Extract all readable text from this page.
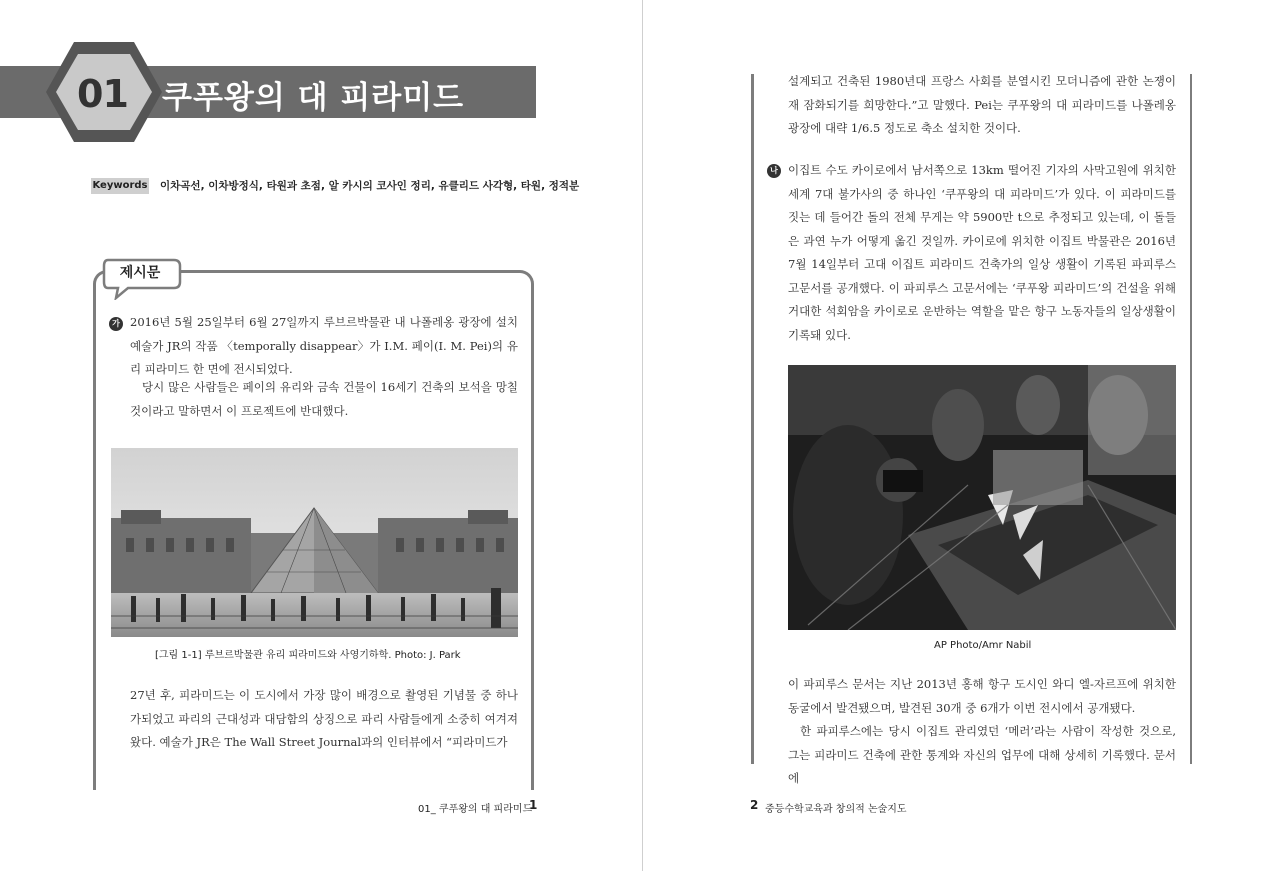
01 쿠푸왕의 대 피라미드
Keywords 이차곡선, 이차방정식, 타원과 초점, 알 카시의 코사인 정리, 유클리드 사각형, 타원, 정적분
제시문
가 2016년 5월 25일부터 6월 27일까지 루브르박물관 내 나폴레옹 광장에 설치예술가 JR의 작품 〈temporally disappear〉가 I.M. 페이(I. M. Pei)의 유리 피라미드 한 면에 전시되었다.

당시 많은 사람들은 페이의 유리와 금속 건물이 16세기 건축의 보석을 망칠 것이라고 말하면서 이 프로젝트에 반대했다.

[그림 1-1] 루브르박물관 유리 피라미드와 사영기하학. Photo: J. Park

27년 후, 피라미드는 이 도시에서 가장 많이 배경으로 촬영된 기념물 중 하나가되었고 파리의 근대성과 대담함의 상징으로 파리 사람들에게 소중히 여겨져 왔다. 예술가 JR은 The Wall Street Journal과의 인터뷰에서 “피라미드가

01_ 쿠푸왕의 대 피라미드
1

설계되고 건축된 1980년대 프랑스 사회를 분열시킨 모더니즘에 관한 논쟁이 재 잠화되기를 희망한다.”고 말했다. Pei는 쿠푸왕의 대 피라미드를 나폴레옹 광장에 대략 1/6.5 정도로 축소 설치한 것이다.

나 이집트 수도 카이로에서 남서쪽으로 13km 떨어진 기자의 사막고원에 위치한 세계 7대 불가사의 중 하나인 ‘쿠푸왕의 대 피라미드’가 있다. 이 피라미드를 짓는 데 들어간 돌의 전체 무게는 약 5900만 t으로 추정되고 있는데, 이 돌들은 과연 누가 어떻게 옮긴 것일까. 카이로에 위치한 이집트 박물관은 2016년 7월 14일부터 고대 이집트 피라미드 건축가의 일상 생활이 기록된 파피루스 고문서를 공개했다. 이 파피루스 고문서에는 ‘쿠푸왕 피라미드’의 건설을 위해 거대한 석회암을 카이로로 운반하는 역할을 맡은 항구 노동자들의 일상생활이 기록돼 있다.

AP Photo/Amr Nabil

이 파피루스 문서는 지난 2013년 홍해 항구 도시인 와디 엘-자르프에 위치한 동굴에서 발견됐으며, 발견된 30개 중 6개가 이번 전시에서 공개됐다.

한 파피루스에는 당시 이집트 관리였던 ‘메러’라는 사람이 작성한 것으로, 그는 피라미드 건축에 관한 통계와 자신의 업무에 대해 상세히 기록했다. 문서에

2 중등수학교육과 창의적 논술지도
